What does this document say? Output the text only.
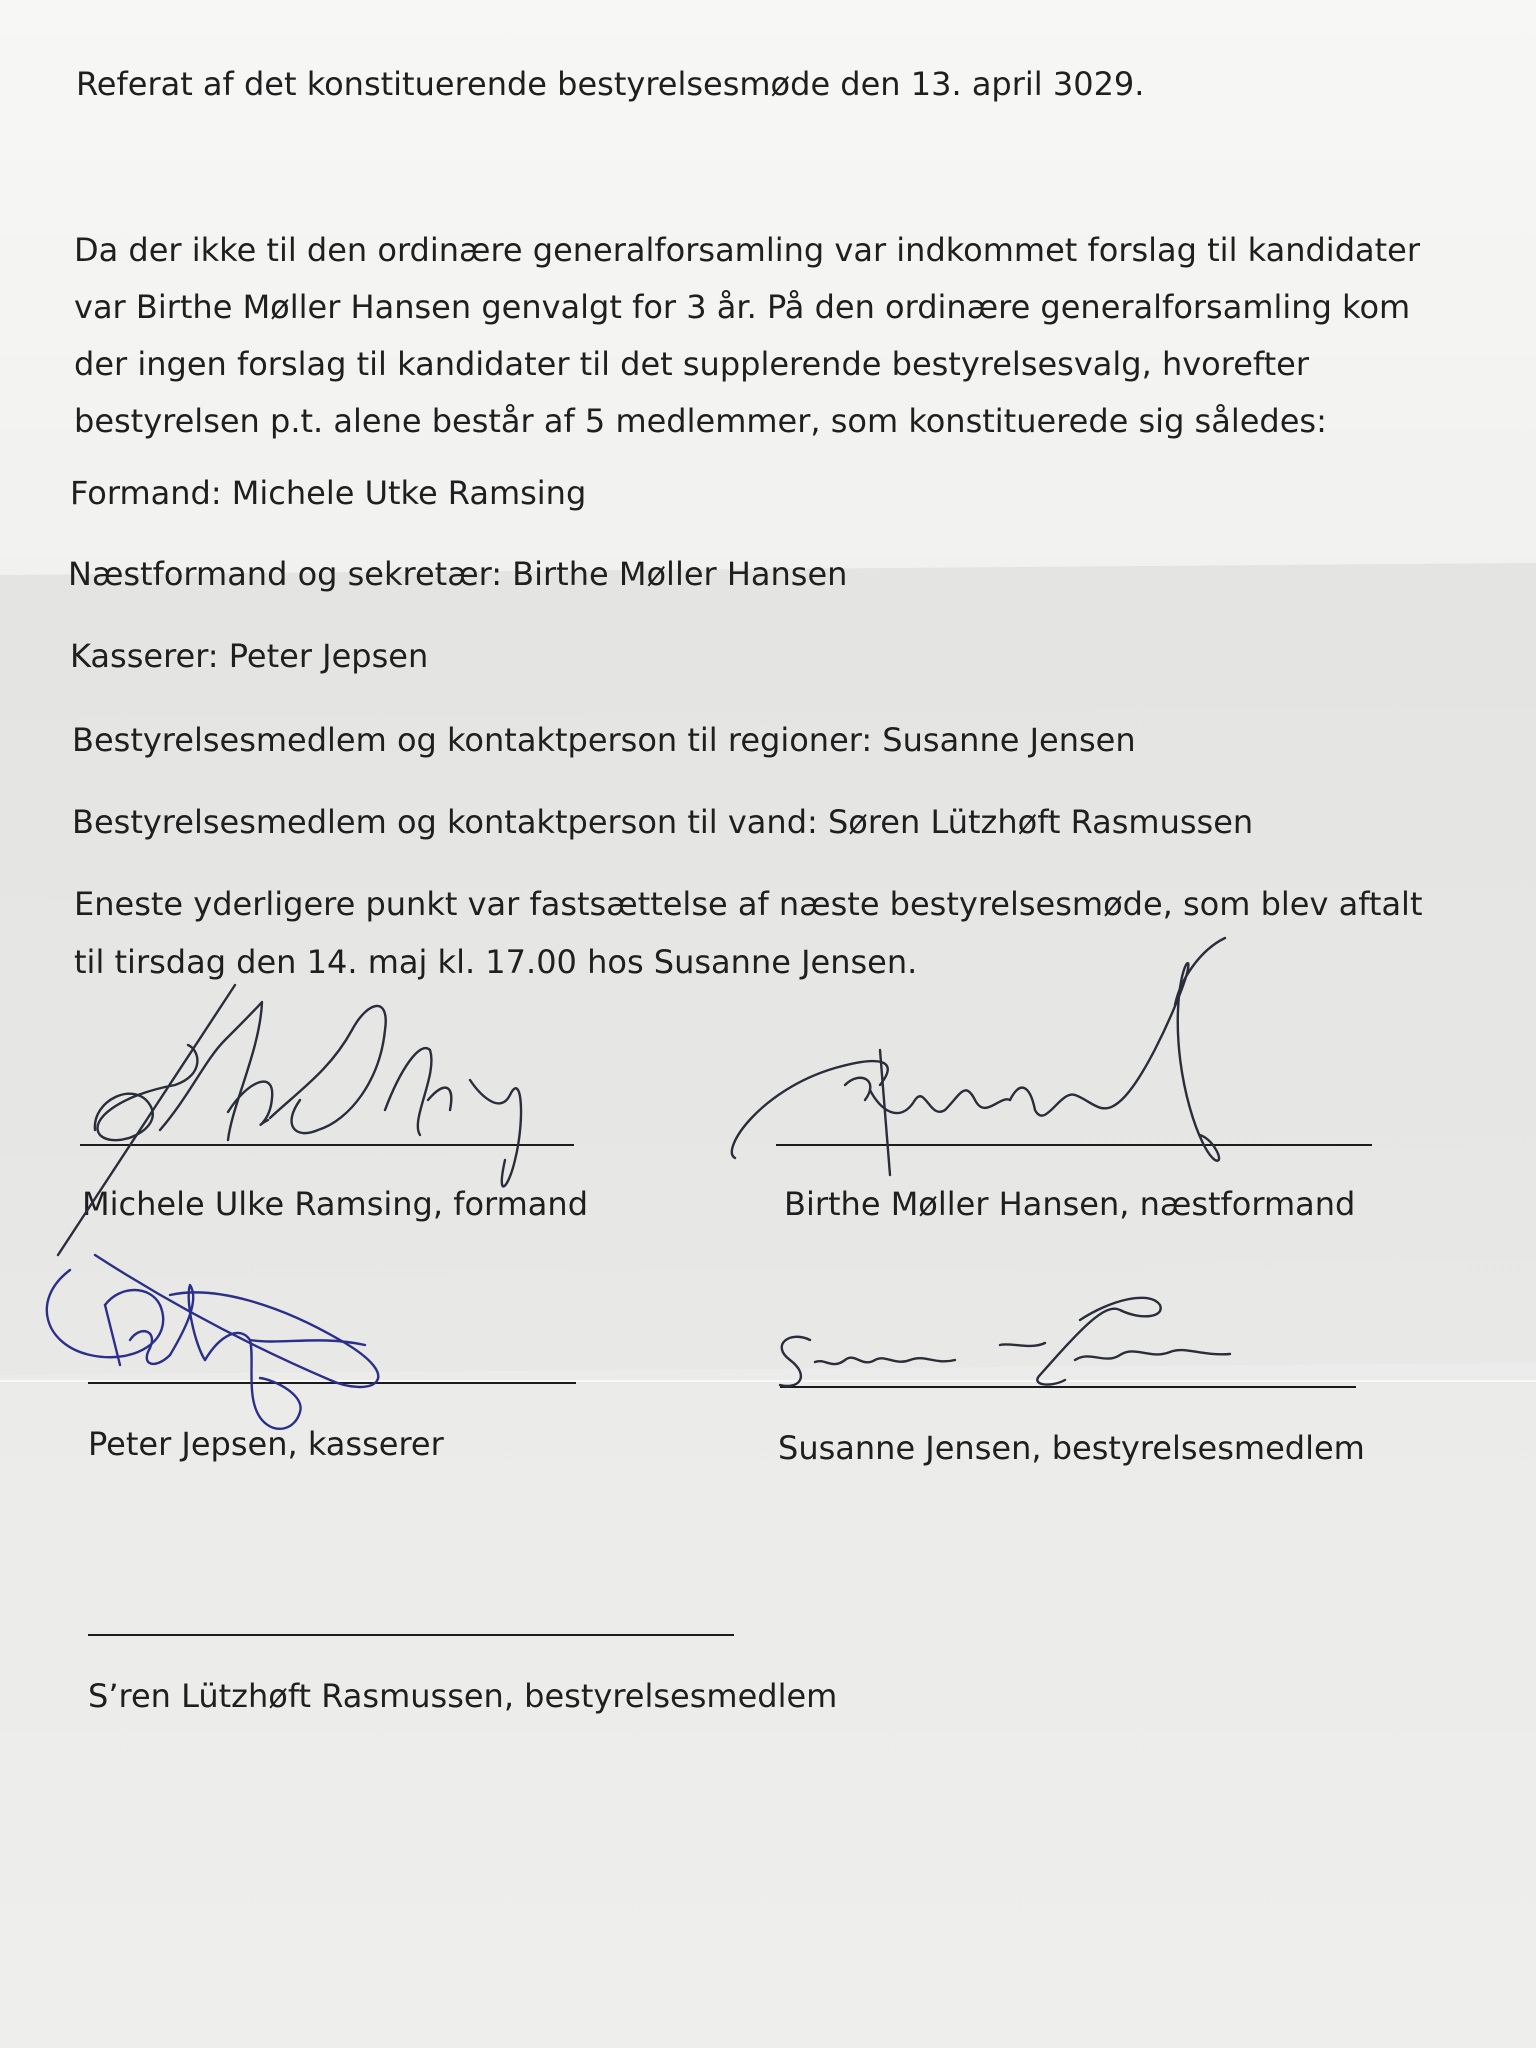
Referat af det konstituerende bestyrelsesmøde den 13. april 3029.

Da der ikke til den ordinære generalforsamling var indkommet forslag til kandidater
var Birthe Møller Hansen genvalgt for 3 år. På den ordinære generalforsamling kom
der ingen forslag til kandidater til det supplerende bestyrelsesvalg, hvorefter
bestyrelsen p.t. alene består af 5 medlemmer, som konstituerede sig således:

Formand: Michele Utke Ramsing

Næstformand og sekretær: Birthe Møller Hansen

Kasserer: Peter Jepsen

Bestyrelsesmedlem og kontaktperson til regioner: Susanne Jensen

Bestyrelsesmedlem og kontaktperson til vand: Søren Lützhøft Rasmussen

Eneste yderligere punkt var fastsættelse af næste bestyrelsesmøde, som blev aftalt

til tirsdag den 14. maj kl. 17.00 hos Susanne Jensen.

Michele Ulke Ramsing, formand	Birthe Møller Hansen, næstformand

Peter Jepsen, kasserer	Susanne Jensen, bestyrelsesmedlem

S’ren Lützhøft Rasmussen, bestyrelsesmedlem
